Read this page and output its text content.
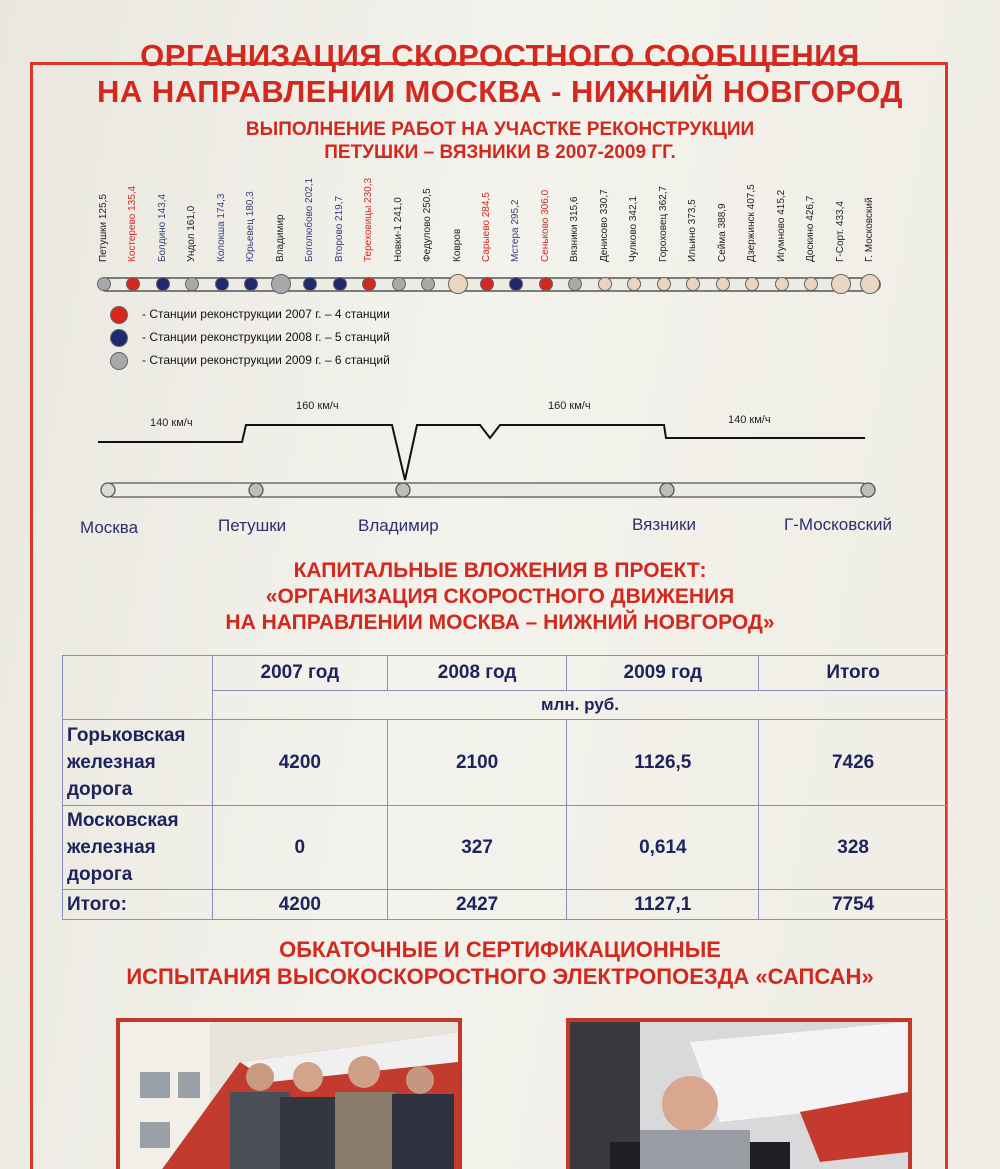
ОРГАНИЗАЦИЯ СКОРОСТНОГО СООБЩЕНИЯ
НА НАПРАВЛЕНИИ МОСКВА - НИЖНИЙ НОВГОРОД
ВЫПОЛНЕНИЕ РАБОТ НА УЧАСТКЕ РЕКОНСТРУКЦИИ
ПЕТУШКИ – ВЯЗНИКИ В 2007-2009 ГГ.
Петушки 125,5 Костерево 135,4 Болдино 143,4 Ундол 161,0 Колокша 174,3 Юрьевец 180,3 Владимир Боголюбово 202,1 Второво 219,7 Тереховицы 230,3 Новки-1 241,0 Федулово 250,5 Ковров Сарыево 284,5 Мстера 295,2 Сеньково 306,0 Вязники 315,6 Денисово 330,7 Чулково 342,1 Гороховец 362,7 Ильино 373,5 Сейма 388,9 Дзержинск 407,5 Игумново 415,2 Доскино 426,7 Г-Сорт. 433,4 Г. Московский
- Станции реконструкции 2007 г. – 4 станции
- Станции реконструкции 2008 г. – 5 станций
- Станции реконструкции 2009 г. – 6 станций
140 км/ч
160 км/ч	160 км/ч
140 км/ч
Москва	Петушки	Владимир	Вязники	Г-Московский
КАПИТАЛЬНЫЕ ВЛОЖЕНИЯ В ПРОЕКТ:
«ОРГАНИЗАЦИЯ СКОРОСТНОГО ДВИЖЕНИЯ
НА НАПРАВЛЕНИИ МОСКВА – НИЖНИЙ НОВГОРОД»
	2007 год	2008 год	2009 год	Итого
	млн. руб.			
Горьковская железная дорога	4200	2100	1126,5	7426
Московская железная дорога	0	327	0,614	328
Итого:	4200	2427	1127,1	7754
ОБКАТОЧНЫЕ И СЕРТИФИКАЦИОННЫЕ
ИСПЫТАНИЯ ВЫСОКОСКОРОСТНОГО ЭЛЕКТРОПОЕЗДА «САПСАН»
